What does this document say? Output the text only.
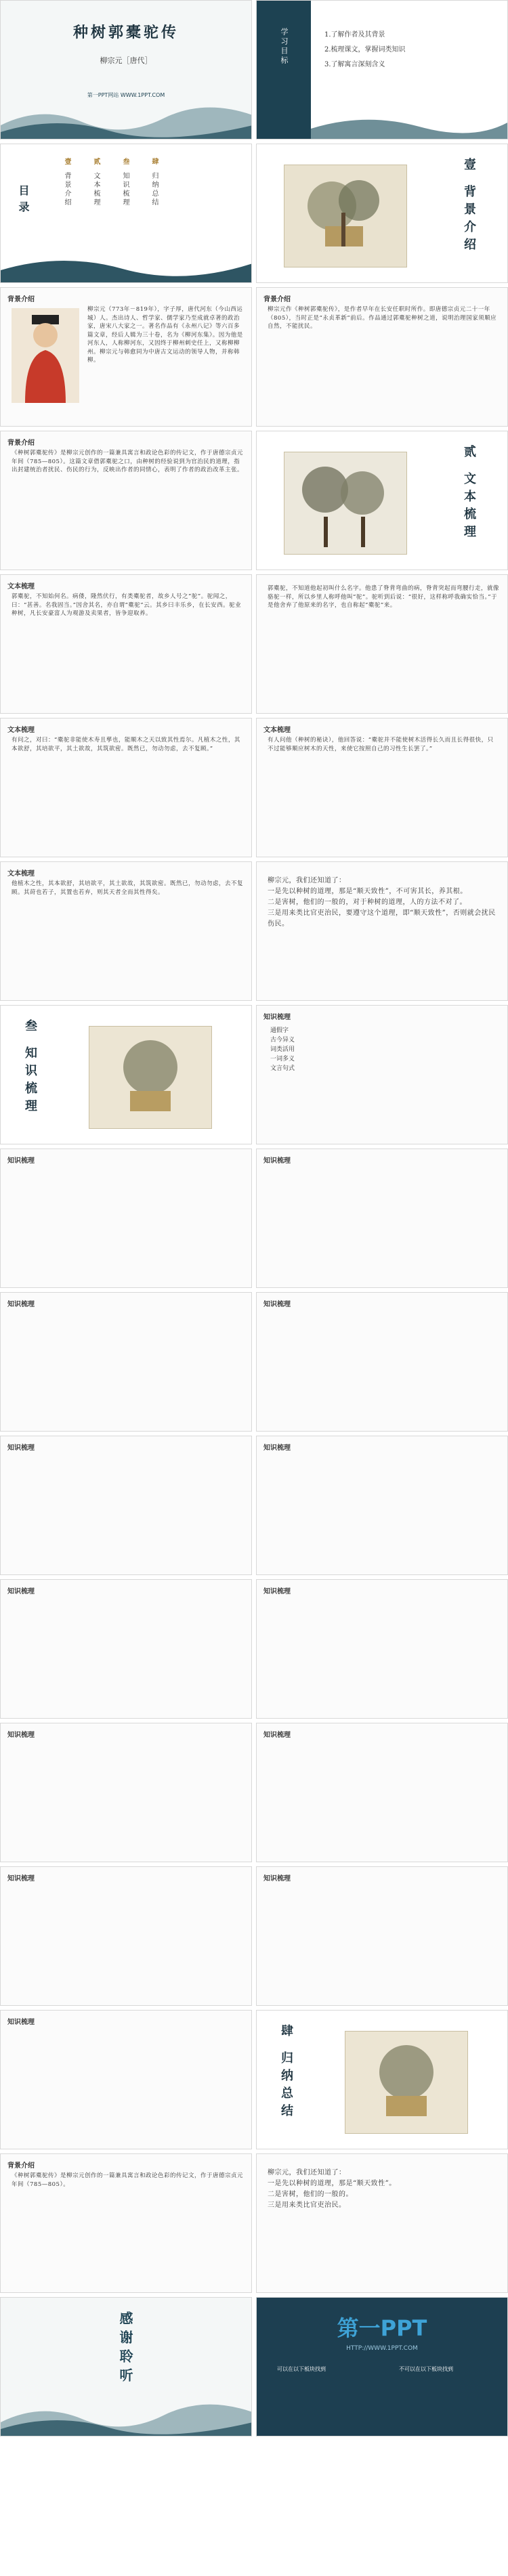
种树郭橐驼传
柳宗元［唐代］
第一PPT网站 WWW.1PPT.COM
学习目标	1.了解作者及其背景
2.梳理课文，掌握词类知识
3.了解寓言深刻含义
目录
壹
背景介绍
贰
文本梳理
叁
知识梳理
肆
归纳总结	壹 背景介绍
背景介绍
柳宗元（773年－819年），字子厚，唐代河东（今山西运城）人。杰出诗人、哲学家、儒学家乃至成就卓著的政治家，唐宋八大家之一。著名作品有《永州八记》等六百多篇文章，经后人辑为三十卷，名为《柳河东集》。因为他是河东人，人称柳河东，又因终于柳州刺史任上，又称柳柳州。柳宗元与韩愈同为中唐古文运动的领导人物，并称韩柳。
背景介绍
柳宗元作《种树郭橐驼传》，是作者早年在长安任职时所作。即唐德宗贞元二十一年（805），当时正是“永贞革新”前后。作品通过郭橐驼种树之道，说明治理国家须顺应自然，不能扰民。
背景介绍
《种树郭橐驼传》是柳宗元创作的一篇兼具寓言和政论色彩的传记文，作于唐德宗贞元年间（785—805）。这篇文章借郭橐驼之口，由种树的经验说到为官治民的道理，指出封建统治者扰民、伤民的行为，反映出作者的同情心，表明了作者的政治改革主张。	贰 文本梳理
文本梳理
郭橐驼，不知始何名。病偻，隆然伏行，有类橐驼者，故乡人号之“驼”。驼闻之，曰：“甚善。名我固当。”因舍其名，亦自谓“橐驼”云。其乡曰丰乐乡，在长安西。驼业种树，凡长安豪富人为观游及卖果者，皆争迎取养。
郭橐驼，不知道他起初叫什么名字。他患了脊背弯曲的病，脊背突起而弯腰行走，就像骆驼一样，所以乡里人称呼他叫“驼”。驼听到后说：“很好，这样称呼我确实恰当。”于是他舍弃了他原来的名字，也自称起“橐驼”来。
文本梳理
有问之，对曰：“橐驼非能使木寿且孳也，能顺木之天以致其性焉尔。凡植木之性，其本欲舒，其培欲平，其土欲故，其筑欲密。既然已，勿动勿虑，去不复顾。”
文本梳理
有人问他（种树的秘诀），他回答说：“橐驼并不能使树木活得长久而且长得很快，只不过能够顺应树木的天性，来使它按照自己的习性生长罢了。”
文本梳理
他植木之性，其本欲舒，其培欲平，其土欲故，其筑欲密。既然已，勿动勿虑，去不复顾。其莳也若子，其置也若弃，则其天者全而其性得矣。
柳宗元，我们还知道了：
一是先以种树的道理，那是“顺天致性”，不可害其长，养其根。
二是害树，他们的一般的，对于种树的道理，人的方法不对了。
三是用来类比官吏治民，要遵守这个道理，即“顺天致性”，否则就会扰民伤民。
叁 知识梳理
知识梳理
通假字
古今异义
词类活用
一词多义
文言句式
知识梳理	知识梳理
知识梳理	知识梳理
知识梳理	知识梳理
知识梳理	知识梳理
知识梳理	知识梳理
知识梳理	知识梳理
知识梳理
肆 归纳总结
背景介绍
《种树郭橐驼传》是柳宗元创作的一篇兼具寓言和政论色彩的传记文，作于唐德宗贞元年间（785—805）。
柳宗元，我们还知道了：
一是先以种树的道理，那是“顺天致性”。
二是害树，他们的一般的。
三是用来类比官吏治民。
感谢聆听	第一PPT
HTTP://WWW.1PPT.COM
可以在以下板块找到	不可以在以下板块找到
